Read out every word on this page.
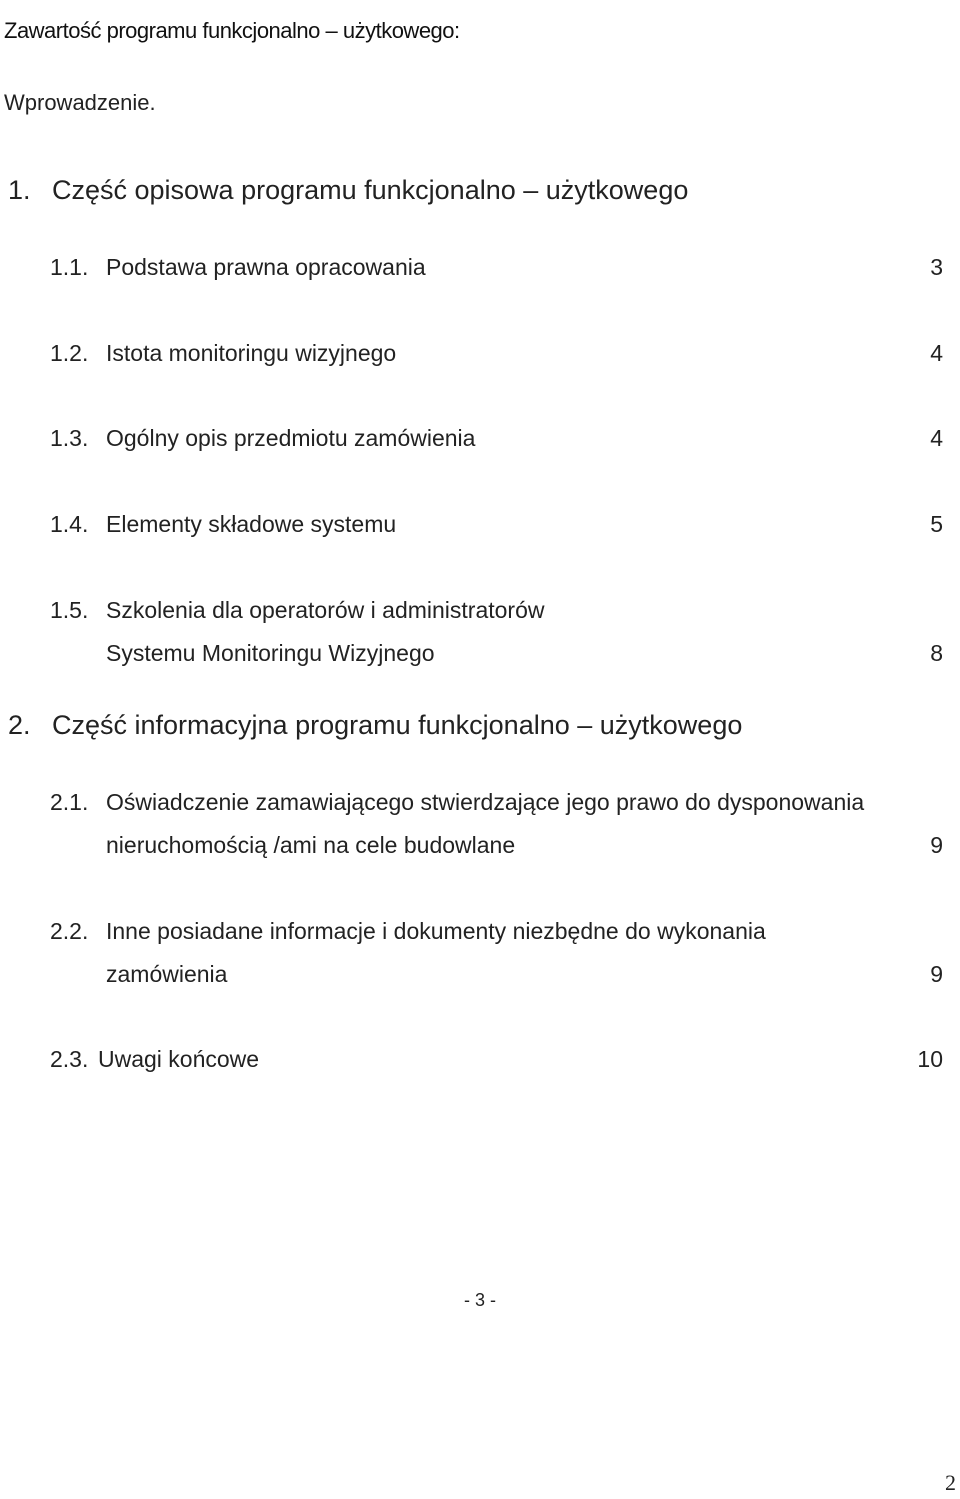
Zawartość programu funkcjonalno – użytkowego:
Wprowadzenie.
1. Część opisowa programu funkcjonalno – użytkowego
1.1. Podstawa prawna opracowania	3
1.2. Istota monitoringu wizyjnego	4
1.3. Ogólny opis przedmiotu zamówienia	4
1.4. Elementy składowe systemu	5
1.5. Szkolenia dla operatorów i administratorów
Systemu Monitoringu Wizyjnego	8
2. Część informacyjna programu funkcjonalno – użytkowego
2.1. Oświadczenie zamawiającego stwierdzające jego prawo do dysponowania
nieruchomością /ami na cele budowlane	9
2.2. Inne posiadane informacje i dokumenty niezbędne do wykonania
zamówienia	9
2.3. Uwagi końcowe	10
- 3 -
2
